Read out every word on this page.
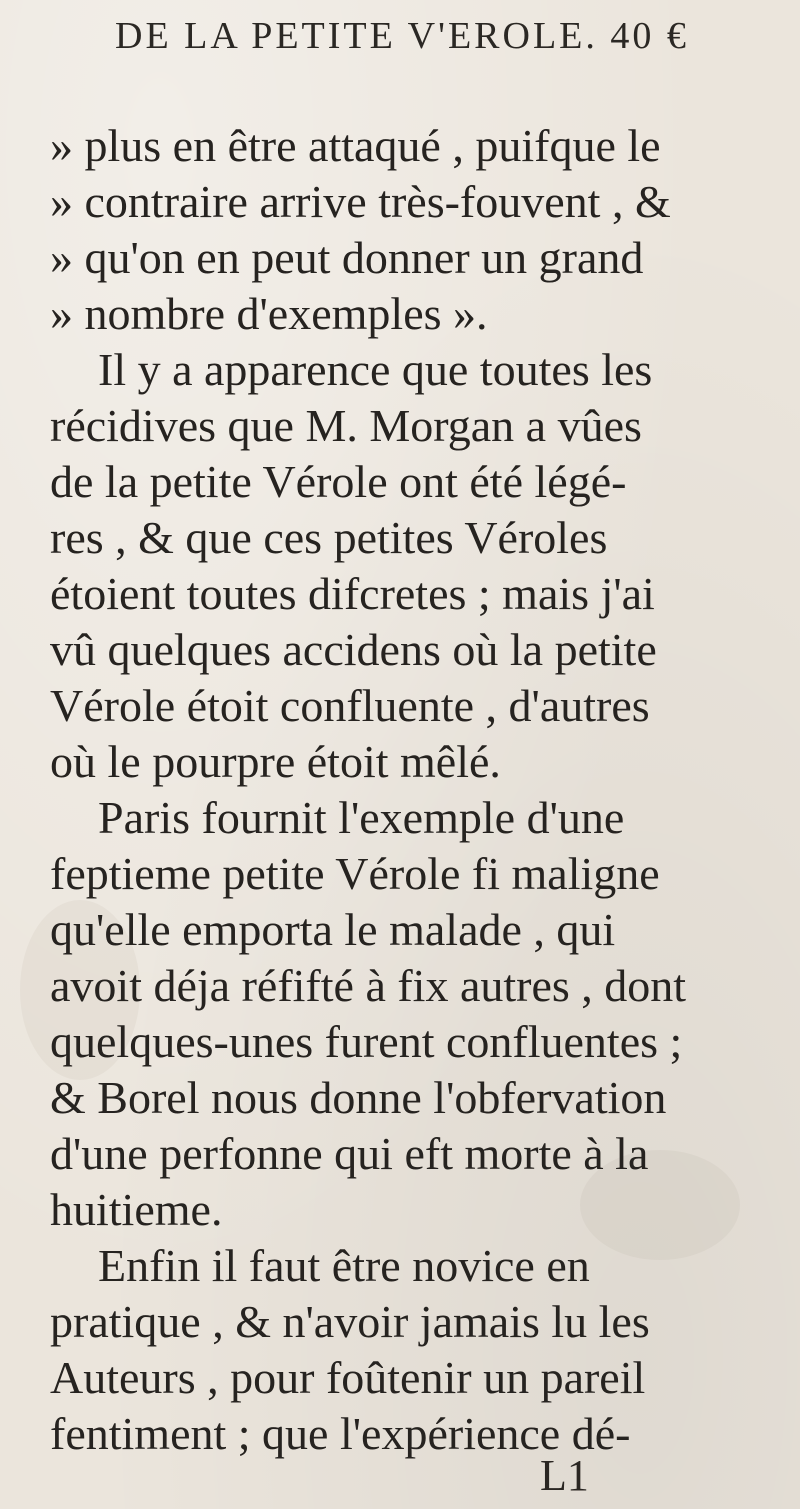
DE LA PETITE V'EROLE. 40 €
» plus en être attaqué , puifque le
» contraire arrive très-fouvent , &
» qu'on en peut donner un grand
» nombre d'exemples ».
Il y a apparence que toutes les
récidives que M. Morgan a vûes
de la petite Vérole ont été légé-
res , & que ces petites Véroles
étoient toutes difcretes ; mais j'ai
vû quelques accidens où la petite
Vérole étoit confluente , d'autres
où le pourpre étoit mêlé.
Paris fournit l'exemple d'une
feptieme petite Vérole fi maligne
qu'elle emporta le malade , qui
avoit déja réfifté à fix autres , dont
quelques-unes furent confluentes ;
& Borel nous donne l'obfervation
d'une perfonne qui eft morte à la
huitieme.
Enfin il faut être novice en
pratique , & n'avoir jamais lu les
Auteurs , pour foûtenir un pareil
fentiment ; que l'expérience dé-
L1
